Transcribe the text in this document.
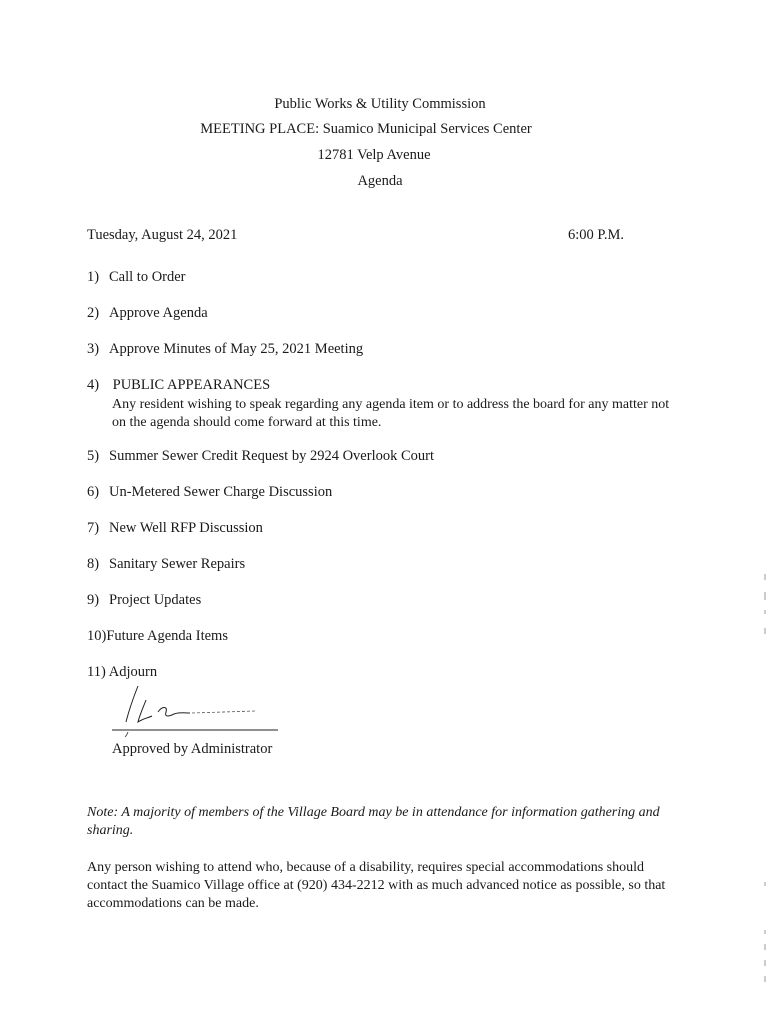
Public Works & Utility Commission
MEETING PLACE: Suamico Municipal Services Center
12781 Velp Avenue
Agenda
Tuesday, August 24, 2021	6:00 P.M.
1) Call to Order
2) Approve Agenda
3) Approve Minutes of May 25, 2021 Meeting
4) PUBLIC APPEARANCES
Any resident wishing to speak regarding any agenda item or to address the board for any matter not on the agenda should come forward at this time.
5) Summer Sewer Credit Request by 2924 Overlook Court
6) Un-Metered Sewer Charge Discussion
7) New Well RFP Discussion
8) Sanitary Sewer Repairs
9) Project Updates
10)Future Agenda Items
11) Adjourn
Approved by Administrator
Note: A majority of members of the Village Board may be in attendance for information gathering and sharing.
Any person wishing to attend who, because of a disability, requires special accommodations should contact the Suamico Village office at (920) 434-2212 with as much advanced notice as possible, so that accommodations can be made.
